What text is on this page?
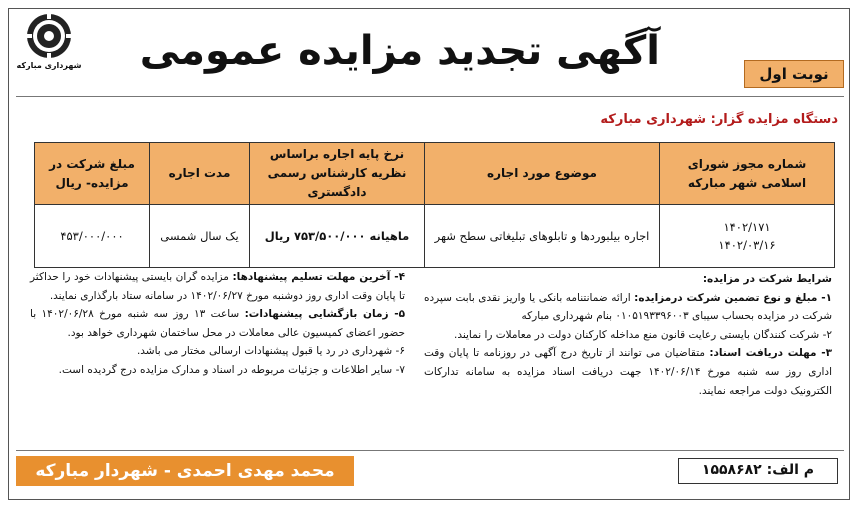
شهرداری مبارکه آگهی تجدید مزایده عمومی	نوبت اول
دستگاه مزایده گزار: شهرداری مبارکه
شماره مجوز شورای اسلامی شهر مبارکه	موضوع مورد اجاره	نرخ پایه اجاره براساس نظریه کارشناس رسمی دادگستری	مدت اجاره	مبلغ شرکت در مزایده- ریال

۱۴۰۲/۱۷۱
۱۴۰۲/۰۳/۱۶	اجاره بیلبوردها و تابلوهای تبلیغاتی سطح شهر	ماهیانه ۷۵۳/۵۰۰/۰۰۰ ریال	یک سال شمسی	۴۵۳/۰۰۰/۰۰۰

شرایط شرکت در مزایده:

۱- مبلغ و نوع تضمین شرکت درمزایده: ارائه ضمانتنامه بانکی یا واریز نقدی بابت سپرده شرکت در مزایده بحساب سیبای ۰۱۰۵۱۹۳۳۹۶۰۰۳ بنام شهرداری مبارکه

۲- شرکت کنندگان بایستی رعایت قانون منع مداخله کارکنان دولت در معاملات را نمایند.

۳- مهلت دریافت اسناد: متقاضیان می توانند از تاریخ درج آگهی در روزنامه تا پایان وقت اداری روز سه شنبه مورخ ۱۴۰۲/۰۶/۱۴ جهت دریافت اسناد مزایده به سامانه تدارکات الکترونیک دولت مراجعه نمایند.

۴- آخرین مهلت تسلیم پیشنهادها: مزایده گران بایستی پیشنهادات خود را حداکثر تا پایان وقت اداری روز دوشنبه مورخ ۱۴۰۲/۰۶/۲۷ در سامانه ستاد بارگذاری نمایند.

۵- زمان بازگشایی پیشنهادات: ساعت ۱۳ روز سه شنبه مورخ ۱۴۰۲/۰۶/۲۸ با حضور اعضای کمیسیون عالی معاملات در محل ساختمان شهرداری خواهد بود.

۶- شهرداری در رد یا قبول پیشنهادات ارسالی مختار می باشد.

۷- سایر اطلاعات و جزئیات مربوطه در اسناد و مدارک مزایده درج گردیده است.

محمد مهدی احمدی - شهردار مبارکه	م الف: ۱۵۵۸۶۸۲
